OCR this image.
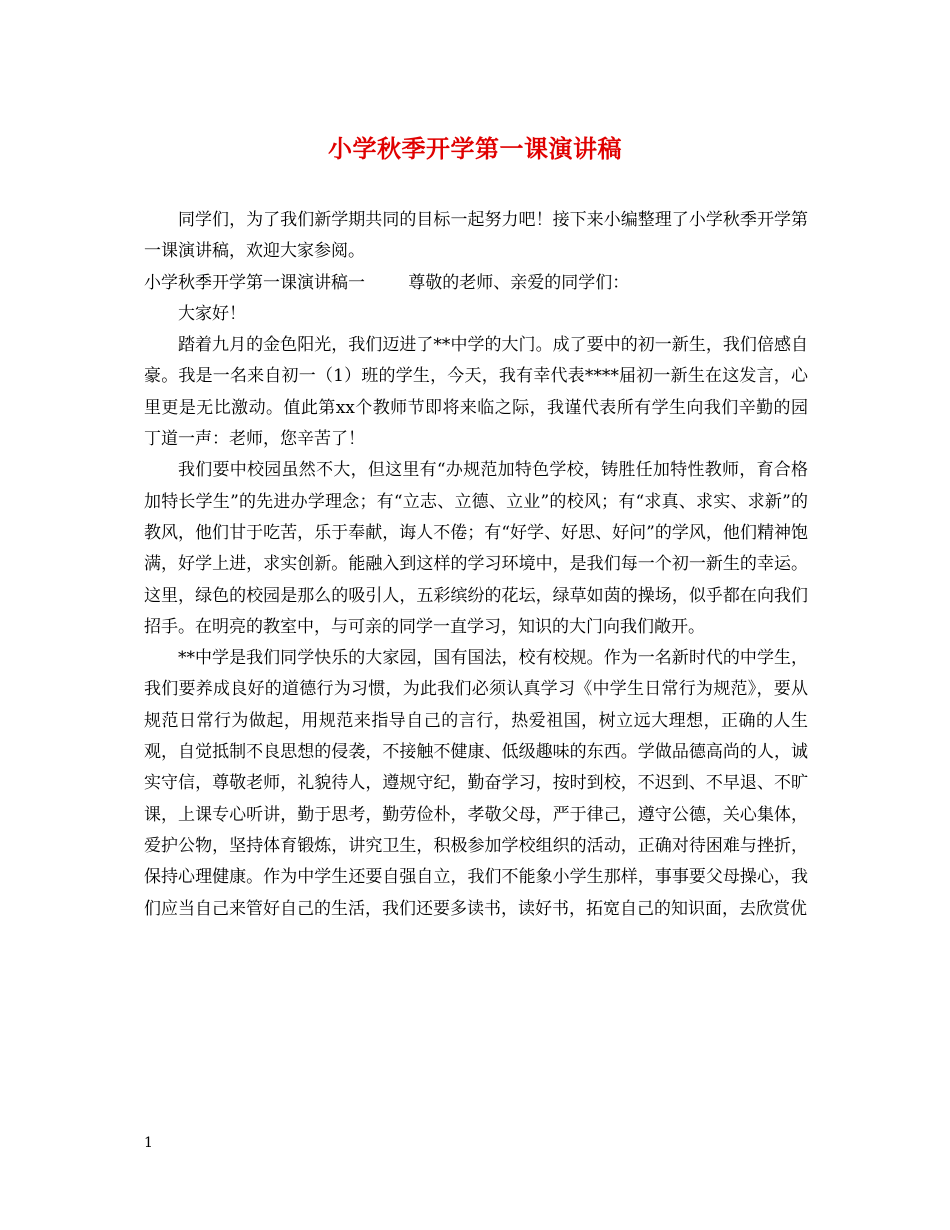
小学秋季开学第一课演讲稿

同学们，为了我们新学期共同的目标一起努力吧！接下来小编整理了小学秋季开学第一课演讲稿，欢迎大家参阅。

小学秋季开学第一课演讲稿一        尊敬的老师、亲爱的同学们：

大家好！

踏着九月的金色阳光，我们迈进了**中学的大门。成了要中的初一新生，我们倍感自豪。我是一名来自初一（1）班的学生，今天，我有幸代表****届初一新生在这发言，心里更是无比激动。值此第xx个教师节即将来临之际，我谨代表所有学生向我们辛勤的园丁道一声：老师，您辛苦了！

我们要中校园虽然不大，但这里有“办规范加特色学校，铸胜任加特性教师，育合格加特长学生”的先进办学理念；有“立志、立德、立业”的校风；有“求真、求实、求新”的教风，他们甘于吃苦，乐于奉献，诲人不倦；有“好学、好思、好问”的学风，他们精神饱满，好学上进，求实创新。能融入到这样的学习环境中，是我们每一个初一新生的幸运。这里，绿色的校园是那么的吸引人，五彩缤纷的花坛，绿草如茵的操场，似乎都在向我们招手。在明亮的教室中，与可亲的同学一直学习，知识的大门向我们敞开。

**中学是我们同学快乐的大家园，国有国法，校有校规。作为一名新时代的中学生，我们要养成良好的道德行为习惯，为此我们必须认真学习《中学生日常行为规范》，要从规范日常行为做起，用规范来指导自己的言行，热爱祖国，树立远大理想，正确的人生观，自觉抵制不良思想的侵袭，不接触不健康、低级趣味的东西。学做品德高尚的人，诚实守信，尊敬老师，礼貌待人，遵规守纪，勤奋学习，按时到校，不迟到、不早退、不旷课，上课专心听讲，勤于思考，勤劳俭朴，孝敬父母，严于律己，遵守公德，关心集体，爱护公物，坚持体育锻炼，讲究卫生，积极参加学校组织的活动，正确对待困难与挫折，保持心理健康。作为中学生还要自强自立，我们不能象小学生那样，事事要父母操心，我们应当自己来管好自己的生活，我们还要多读书，读好书，拓宽自己的知识面，去欣赏优

1
